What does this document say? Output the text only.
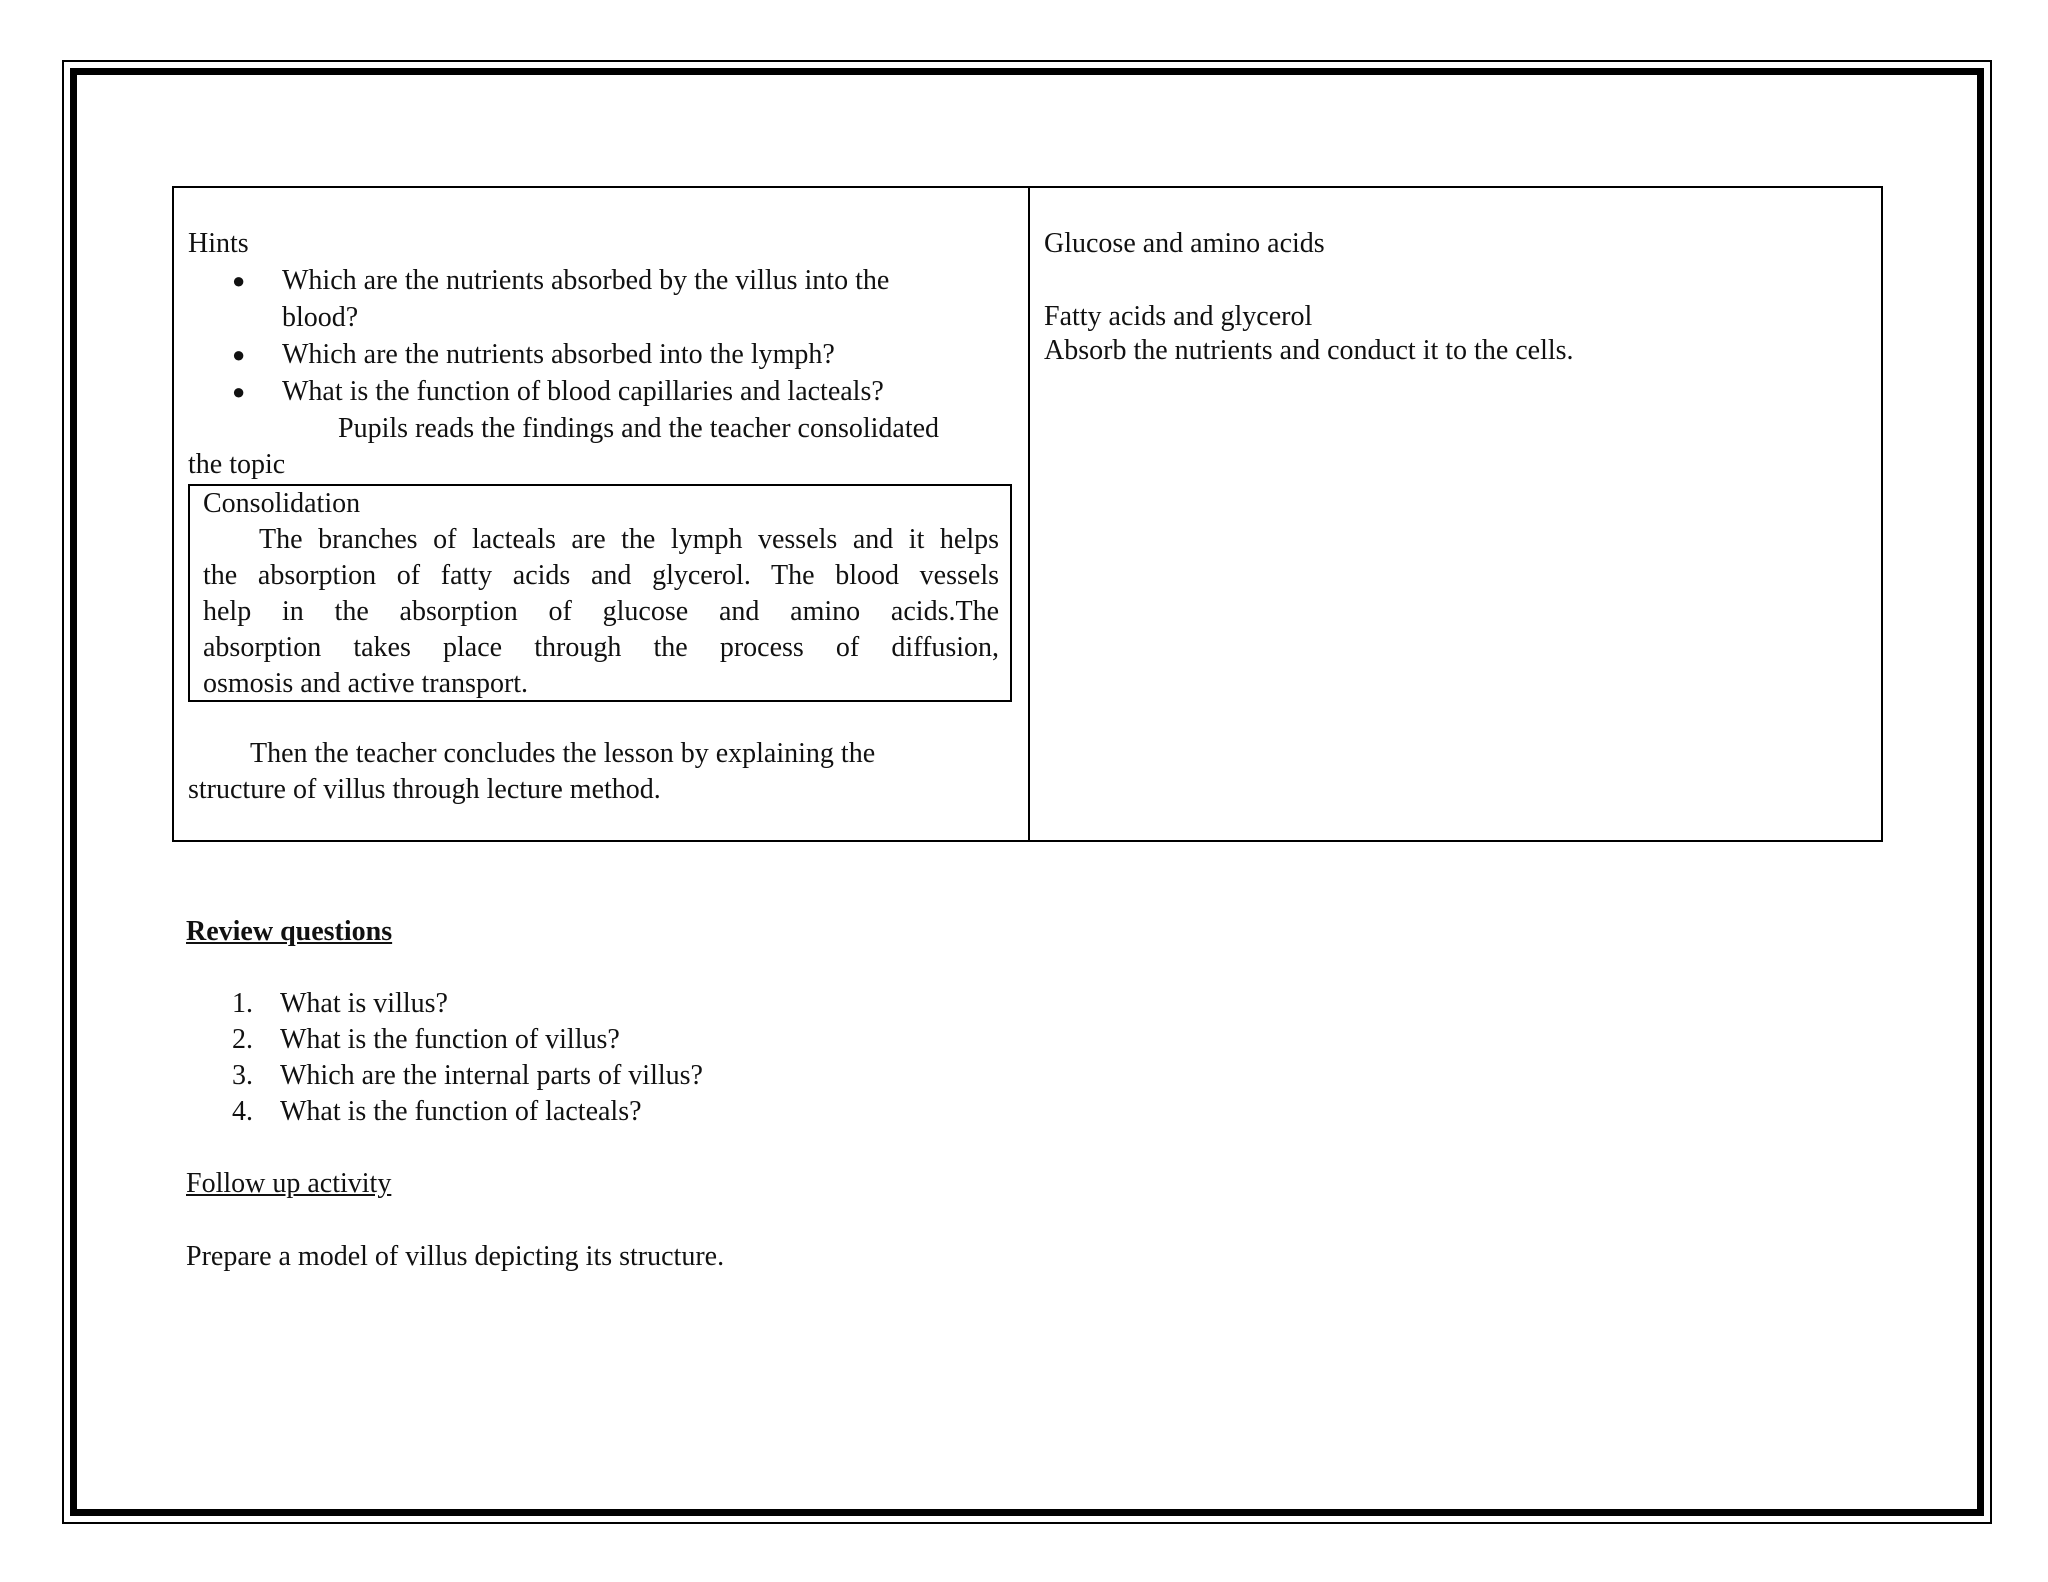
Hints
● Which are the nutrients absorbed by the villus into the
blood?
● Which are the nutrients absorbed into the lymph?
● What is the function of blood capillaries and lacteals?
Pupils reads the findings and the teacher consolidated
the topic
Consolidation
The branches of lacteals are the lymph vessels and it helps
the absorption of fatty acids and glycerol. The blood vessels
help in the absorption of glucose and amino acids.The
absorption takes place through the process of diffusion,
osmosis and active transport.
Then the teacher concludes the lesson by explaining the
structure of villus through lecture method.
Glucose and amino acids
Fatty acids and glycerol
Absorb the nutrients and conduct it to the cells.
Review questions
1. What is villus?
2. What is the function of villus?
3. Which are the internal parts of villus?
4. What is the function of lacteals?
Follow up activity
Prepare a model of villus depicting its structure.
